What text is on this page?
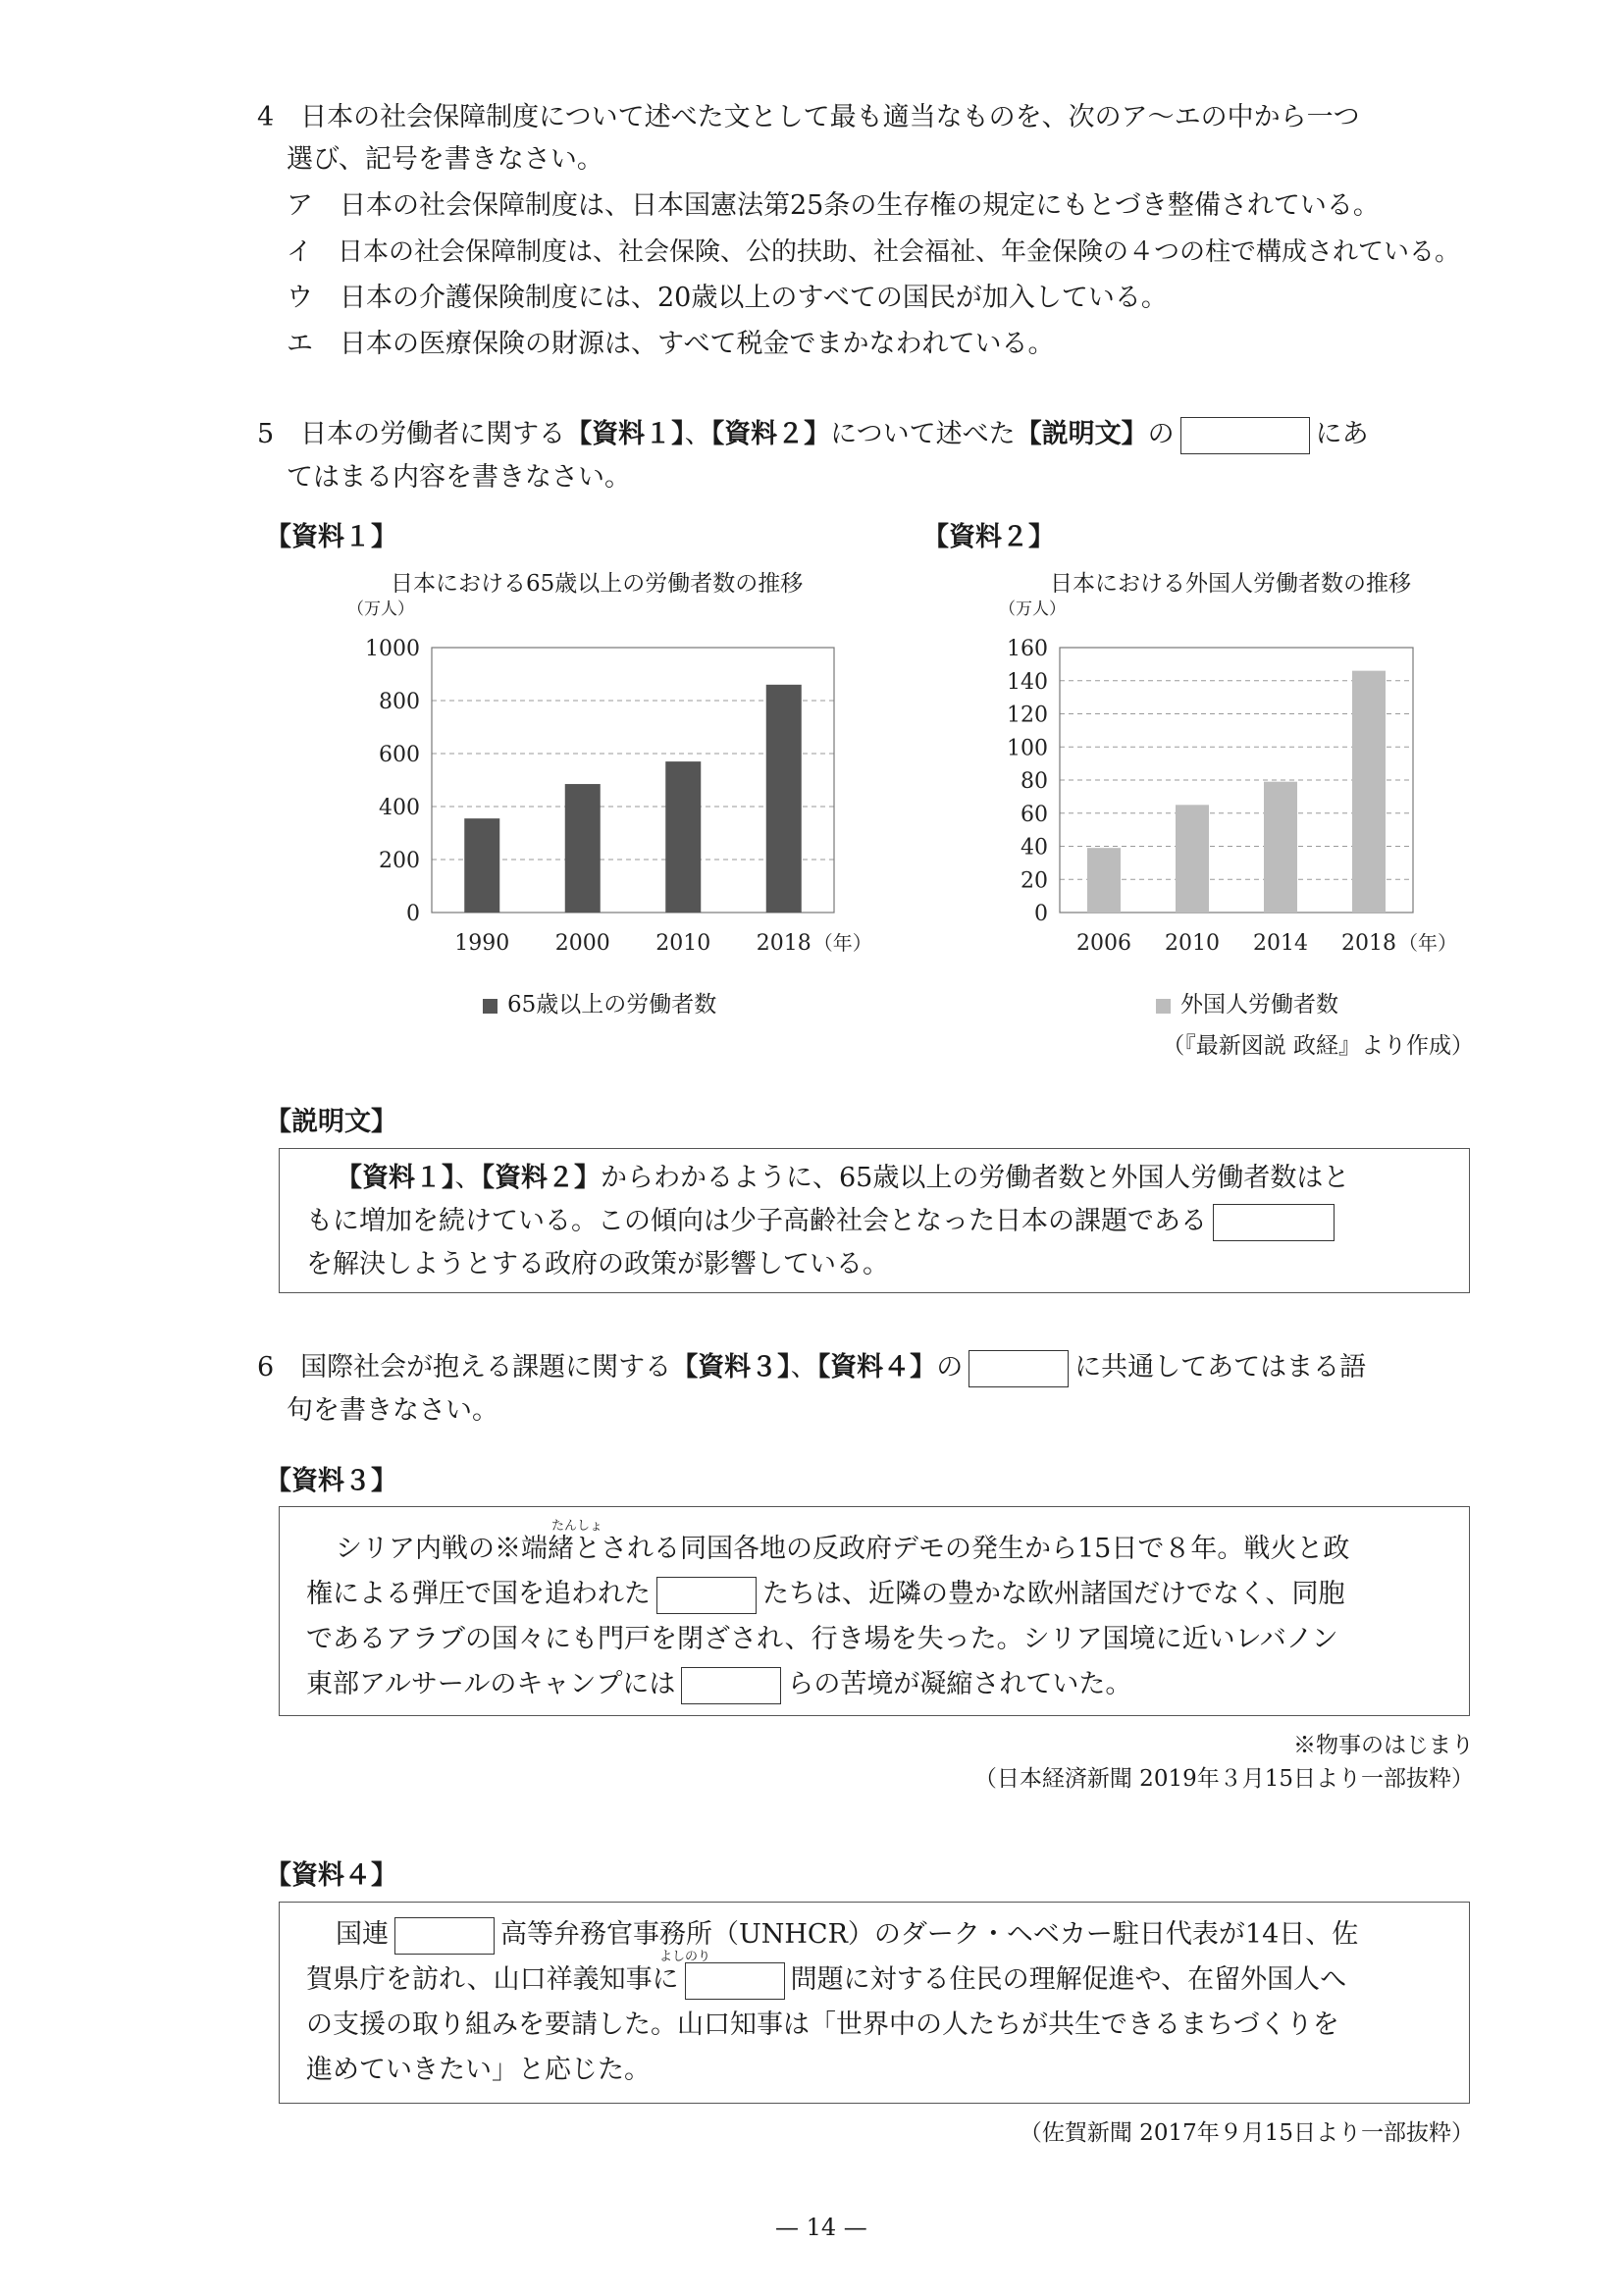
4　日本の社会保障制度について述べた文として最も適当なものを、次のア～エの中から一つ
選び、記号を書きなさい。
ア　日本の社会保障制度は、日本国憲法第25条の生存権の規定にもとづき整備されている。
イ　日本の社会保障制度は、社会保険、公的扶助、社会福祉、年金保険の４つの柱で構成されている。
ウ　日本の介護保険制度には、20歳以上のすべての国民が加入している。
エ　日本の医療保険の財源は、すべて税金でまかなわれている。
5　日本の労働者に関する【資料１】、【資料２】について述べた【説明文】の	にあ
てはまる内容を書きなさい。
【資料１】	【資料２】
日本における65歳以上の労働者数の推移
（万人）
1000
800
600
400
200
0
1990 2000 2010 2018 （年）
65歳以上の労働者数
日本における外国人労働者数の推移
（万人）
160
140
120
100
80
60
40
20
0
2006 2010 2014 2018 （年）
外国人労働者数
（『最新図説 政経』より作成）
【説明文】
【資料１】、【資料２】からわかるように、65歳以上の労働者数と外国人労働者数はと
もに増加を続けている。この傾向は少子高齢社会となった日本の課題である
を解決しようとする政府の政策が影響している。
6　国際社会が抱える課題に関する【資料３】、【資料４】の	に共通してあてはまる語
句を書きなさい。
【資料３】
たんしょ
シリア内戦の※端緒とされる同国各地の反政府デモの発生から15日で８年。戦火と政
権による弾圧で国を追われた	たちは、近隣の豊かな欧州諸国だけでなく、同胞
であるアラブの国々にも門戸を閉ざされ、行き場を失った。シリア国境に近いレバノン
東部アルサールのキャンプには	らの苦境が凝縮されていた。
※物事のはじまり
（日本経済新聞 2019年３月15日より一部抜粋）
【資料４】
国連	高等弁務官事務所（UNHCR）のダーク・ヘベカー駐日代表が14日、佐
よしのり
賀県庁を訪れ、山口祥義知事に	問題に対する住民の理解促進や、在留外国人へ
の支援の取り組みを要請した。山口知事は「世界中の人たちが共生できるまちづくりを
進めていきたい」と応じた。
（佐賀新聞 2017年９月15日より一部抜粋）
— 14 —
